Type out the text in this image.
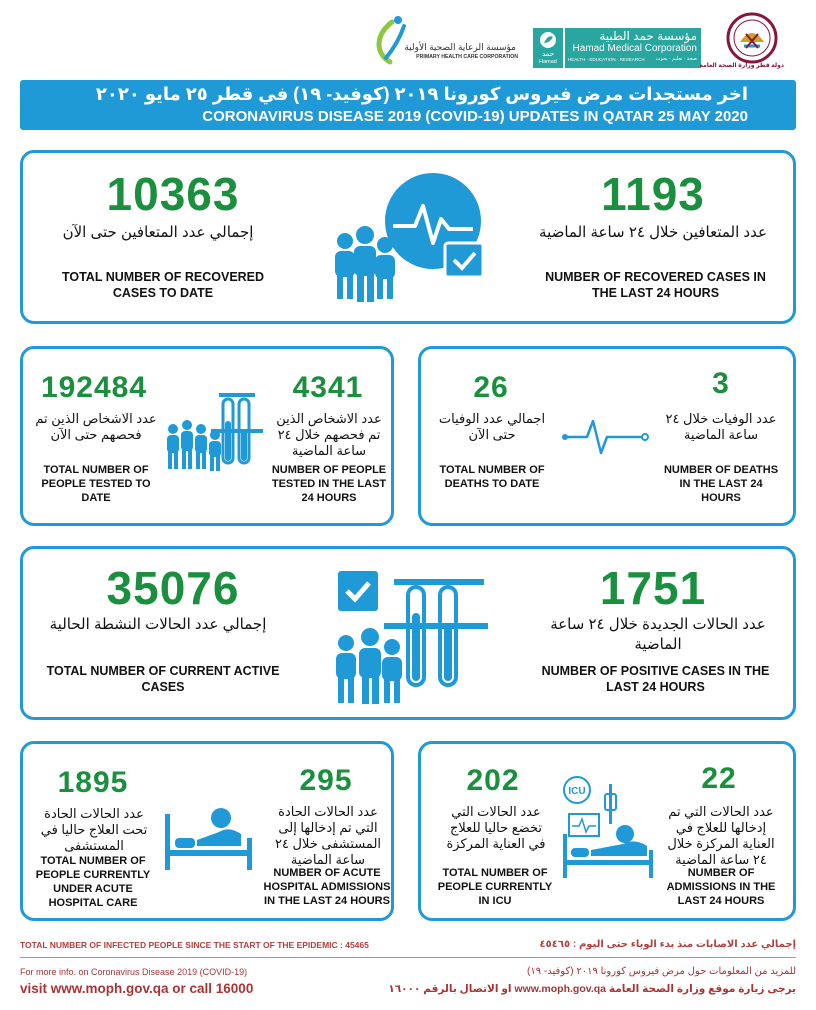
مؤسسة الرعاية الصحية الأولية
PRIMARY HEALTH CARE CORPORATION	حمد
Hamad
مؤسسة حمد الطبية
Hamad Medical Corporation
HEALTH · EDUCATION · RESEARCH صحة · تعليم · بحوث
دولة قطر وزارة الصحة العامة
اخر مستجدات مرض فيروس كورونا ٢٠١٩ (كوفيد- ١٩) في قطر ٢٥ مايو ٢٠٢٠
CORONAVIRUS DISEASE 2019 (COVID-19) UPDATES IN QATAR 25 MAY 2020
10363
إجمالي عدد المتعافين حتى الآن
TOTAL NUMBER OF RECOVERED CASES TO DATE
1193
عدد المتعافين خلال ٢٤ ساعة الماضية
NUMBER OF RECOVERED CASES IN THE LAST 24 HOURS
192484
عدد الاشخاص الذين تم فحصهم حتى الآن
TOTAL NUMBER OF PEOPLE TESTED TO DATE
4341
عدد الاشخاص الذين تم فحصهم خلال ٢٤ ساعة الماضية
NUMBER OF PEOPLE TESTED IN THE LAST 24 HOURS
26
اجمالي عدد الوفيات حتى الآن
TOTAL NUMBER OF DEATHS TO DATE
3
عدد الوفيات خلال ٢٤ ساعة الماضية
NUMBER OF DEATHS IN THE LAST 24 HOURS
35076
إجمالي عدد الحالات النشطة الحالية
TOTAL NUMBER OF CURRENT ACTIVE CASES
1751
عدد الحالات الجديدة خلال ٢٤ ساعة الماضية
NUMBER OF POSITIVE CASES IN THE LAST 24 HOURS
1895
عدد الحالات الحادة تحت العلاج حاليا في المستشفى
TOTAL NUMBER OF PEOPLE CURRENTLY UNDER ACUTE HOSPITAL CARE
295
عدد الحالات الحادة التي تم إدخالها إلى المستشفى خلال ٢٤ ساعة الماضية
NUMBER OF ACUTE HOSPITAL ADMISSIONS IN THE LAST 24 HOURS
202
عدد الحالات التي تخضع حاليا للعلاج في العناية المركزة
TOTAL NUMBER OF PEOPLE CURRENTLY IN ICU
22
عدد الحالات التي تم إدخالها للعلاج في العناية المركزة خلال ٢٤ ساعة الماضية
NUMBER OF ADMISSIONS IN THE LAST 24 HOURS
ICU
TOTAL NUMBER OF INFECTED PEOPLE SINCE THE START OF THE EPIDEMIC : 45465	إجمالي عدد الاصابات منذ بدء الوباء حتى اليوم : ٤٥٤٦٥
For more info. on Coronavirus Disease 2019 (COVID-19)
visit www.moph.gov.qa or call 16000
للمزيد من المعلومات حول مرض فيروس كورونا ٢٠١٩ (كوفيد- ١٩)
يرجى زيارة موقع وزارة الصحة العامة www.moph.gov.qa او الاتصال بالرقم ١٦٠٠٠
